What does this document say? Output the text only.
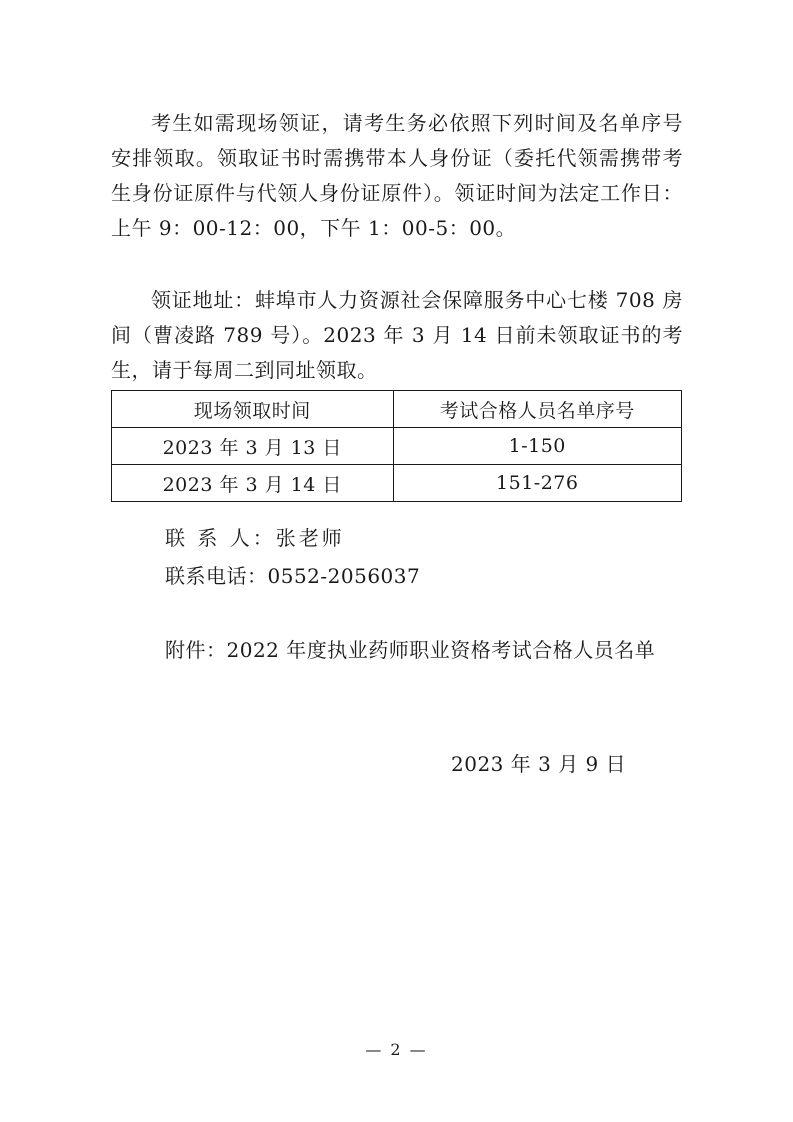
考生如需现场领证，请考生务必依照下列时间及名单序号安排领取。领取证书时需携带本人身份证（委托代领需携带考生身份证原件与代领人身份证原件）。领证时间为法定工作日：上午 9：00-12：00，下午 1：00-5：00。

领证地址：蚌埠市人力资源社会保障服务中心七楼 708 房间（曹凌路 789 号）。2023 年 3 月 14 日前未领取证书的考生，请于每周二到同址领取。

现场领取时间	考试合格人员名单序号
2023 年 3 月 13 日	1-150
2023 年 3 月 14 日	151-276
联 系 人：张老师
联系电话：0552-2056037
附件：2022 年度执业药师职业资格考试合格人员名单
2023 年 3 月 9 日
— 2 —
